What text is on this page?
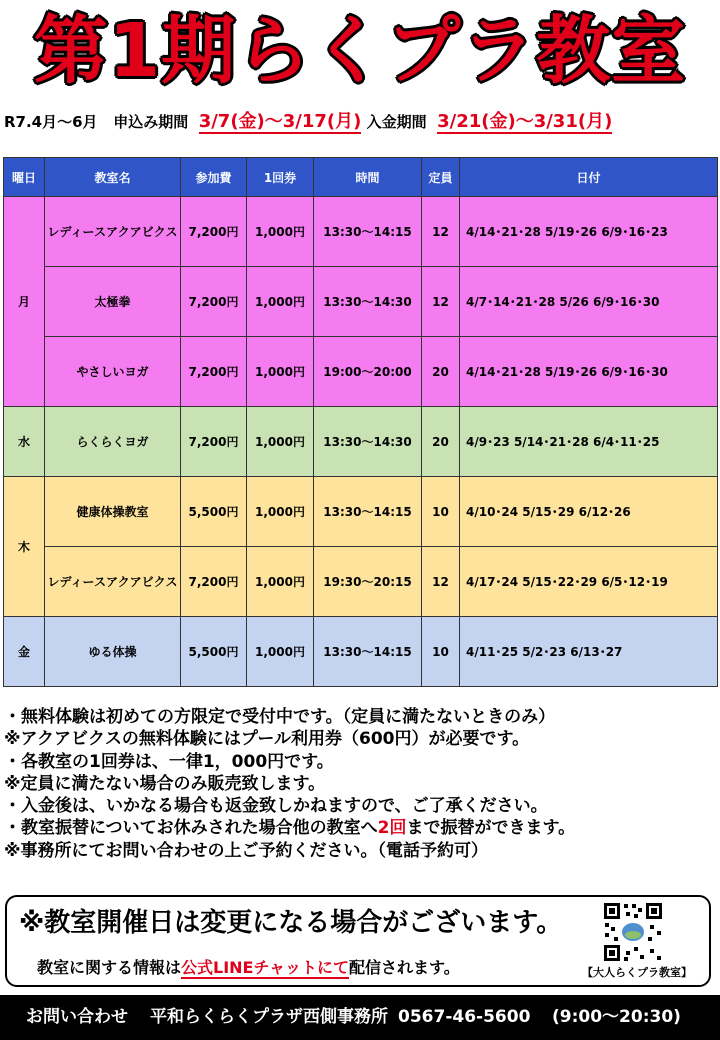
第1期らくプラ教室
R7.4月～6月 申込み期間 3/7(金)～3/17(月) 入金期間 3/21(金)～3/31(月)
曜日	教室名	参加費	1回券	時間	定員	日付
月	レディースアクアビクス	7,200円	1,000円	13:30～14:15	12	4/14･21･28 5/19･26 6/9･16･23
	太極拳	7,200円	1,000円	13:30～14:30	12	4/7･14･21･28 5/26 6/9･16･30
	やさしいヨガ	7,200円	1,000円	19:00～20:00	20	4/14･21･28 5/19･26 6/9･16･30
水	らくらくヨガ	7,200円	1,000円	13:30～14:30	20	4/9･23 5/14･21･28 6/4･11･25
木	健康体操教室	5,500円	1,000円	13:30～14:15	10	4/10･24 5/15･29 6/12･26
	レディースアクアビクス	7,200円	1,000円	19:30～20:15	12	4/17･24 5/15･22･29 6/5･12･19
金	ゆる体操	5,500円	1,000円	13:30～14:15	10	4/11･25 5/2･23 6/13･27
・無料体験は初めての方限定で受付中です。（定員に満たないときのみ）
※アクアビクスの無料体験にはプール利用券（600円）が必要です。
・各教室の1回券は、一律1，000円です。
※定員に満たない場合のみ販売致します。
・入金後は、いかなる場合も返金致しかねますので、ご了承ください。
・教室振替についてお休みされた場合他の教室へ2回まで振替ができます。
※事務所にてお問い合わせの上ご予約ください。（電話予約可）
※教室開催日は変更になる場合がございます。
教室に関する情報は公式LINEチャットにて配信されます。	【大人らくプラ教室】
お問い合わせ 平和らくらくプラザ西側事務所 0567-46-5600 (9:00～20:30)
